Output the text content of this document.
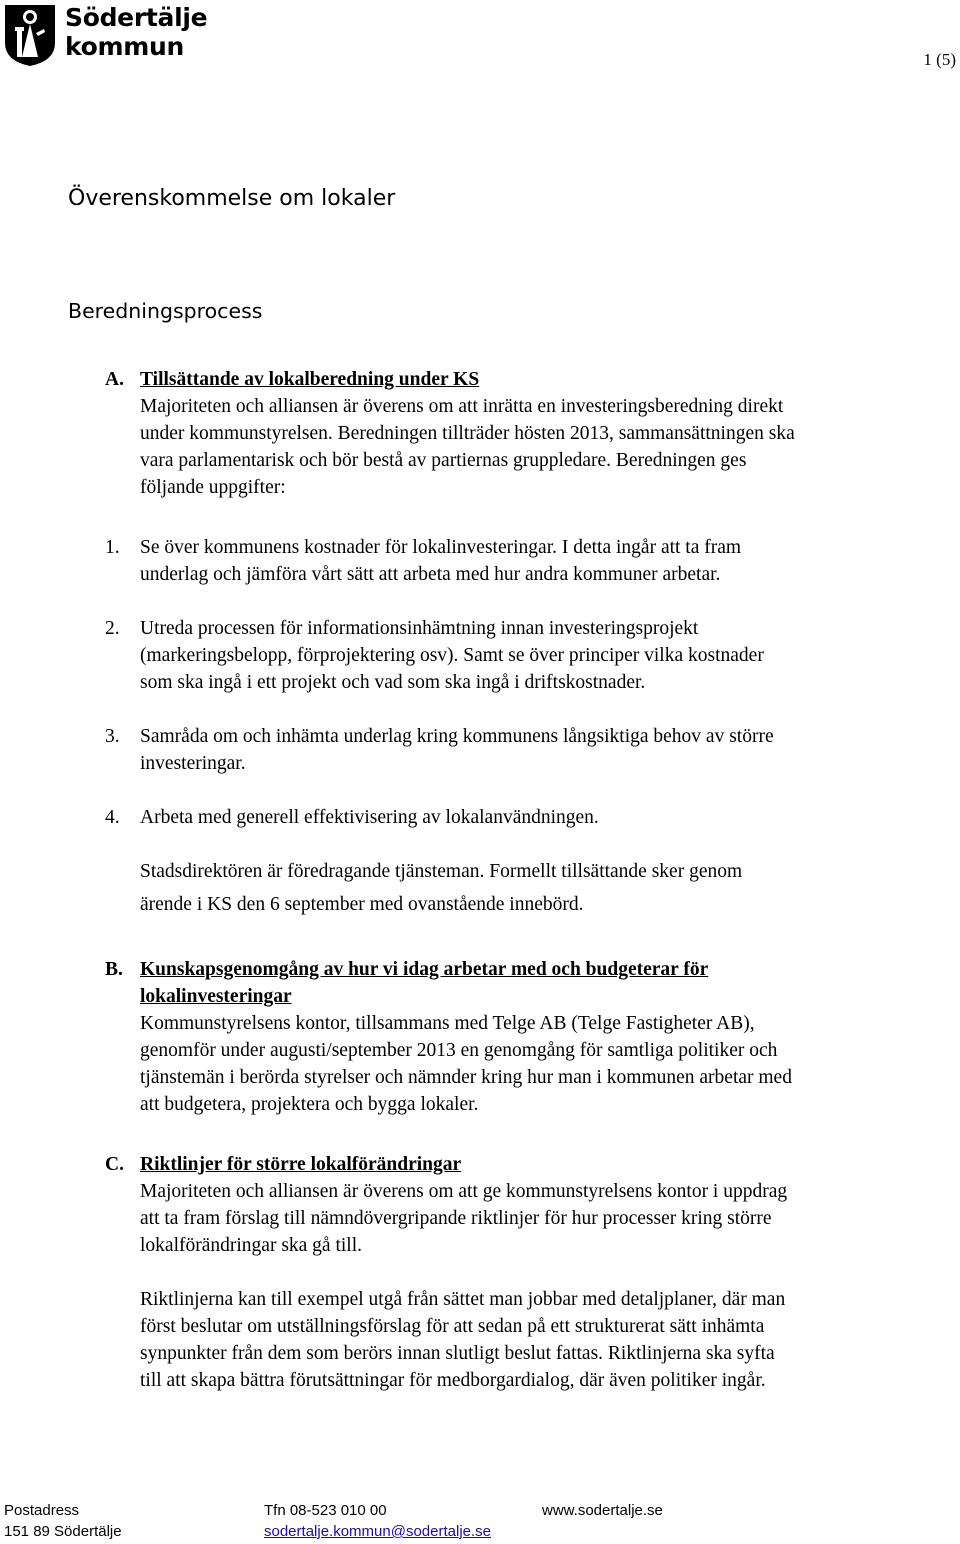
Södertälje
kommun	1 (5)
Överenskommelse om lokaler
Beredningsprocess
A. Tillsättande av lokalberedning under KS

Majoriteten och alliansen är överens om att inrätta en investeringsberedning direkt

under kommunstyrelsen. Beredningen tillträder hösten 2013, sammansättningen ska

vara parlamentarisk och bör bestå av partiernas gruppledare. Beredningen ges

följande uppgifter:

1. Se över kommunens kostnader för lokalinvesteringar. I detta ingår att ta fram

underlag och jämföra vårt sätt att arbeta med hur andra kommuner arbetar.

2. Utreda processen för informationsinhämtning innan investeringsprojekt

(markeringsbelopp, förprojektering osv). Samt se över principer vilka kostnader

som ska ingå i ett projekt och vad som ska ingå i driftskostnader.

3. Samråda om och inhämta underlag kring kommunens långsiktiga behov av större

investeringar.

4. Arbeta med generell effektivisering av lokalanvändningen.

Stadsdirektören är föredragande tjänsteman. Formellt tillsättande sker genom

ärende i KS den 6 september med ovanstående innebörd.

B. Kunskapsgenomgång av hur vi idag arbetar med och budgeterar för

lokalinvesteringar

Kommunstyrelsens kontor, tillsammans med Telge AB (Telge Fastigheter AB),

genomför under augusti/september 2013 en genomgång för samtliga politiker och

tjänstemän i berörda styrelser och nämnder kring hur man i kommunen arbetar med

att budgetera, projektera och bygga lokaler.

C. Riktlinjer för större lokalförändringar

Majoriteten och alliansen är överens om att ge kommunstyrelsens kontor i uppdrag

att ta fram förslag till nämndövergripande riktlinjer för hur processer kring större

lokalförändringar ska gå till.

Riktlinjerna kan till exempel utgå från sättet man jobbar med detaljplaner, där man

först beslutar om utställningsförslag för att sedan på ett strukturerat sätt inhämta

synpunkter från dem som berörs innan slutligt beslut fattas. Riktlinjerna ska syfta

till att skapa bättra förutsättningar för medborgardialog, där även politiker ingår.

Postadress
151 89 Södertälje
Tfn 08-523 010 00
sodertalje.kommun@sodertalje.se
www.sodertalje.se
